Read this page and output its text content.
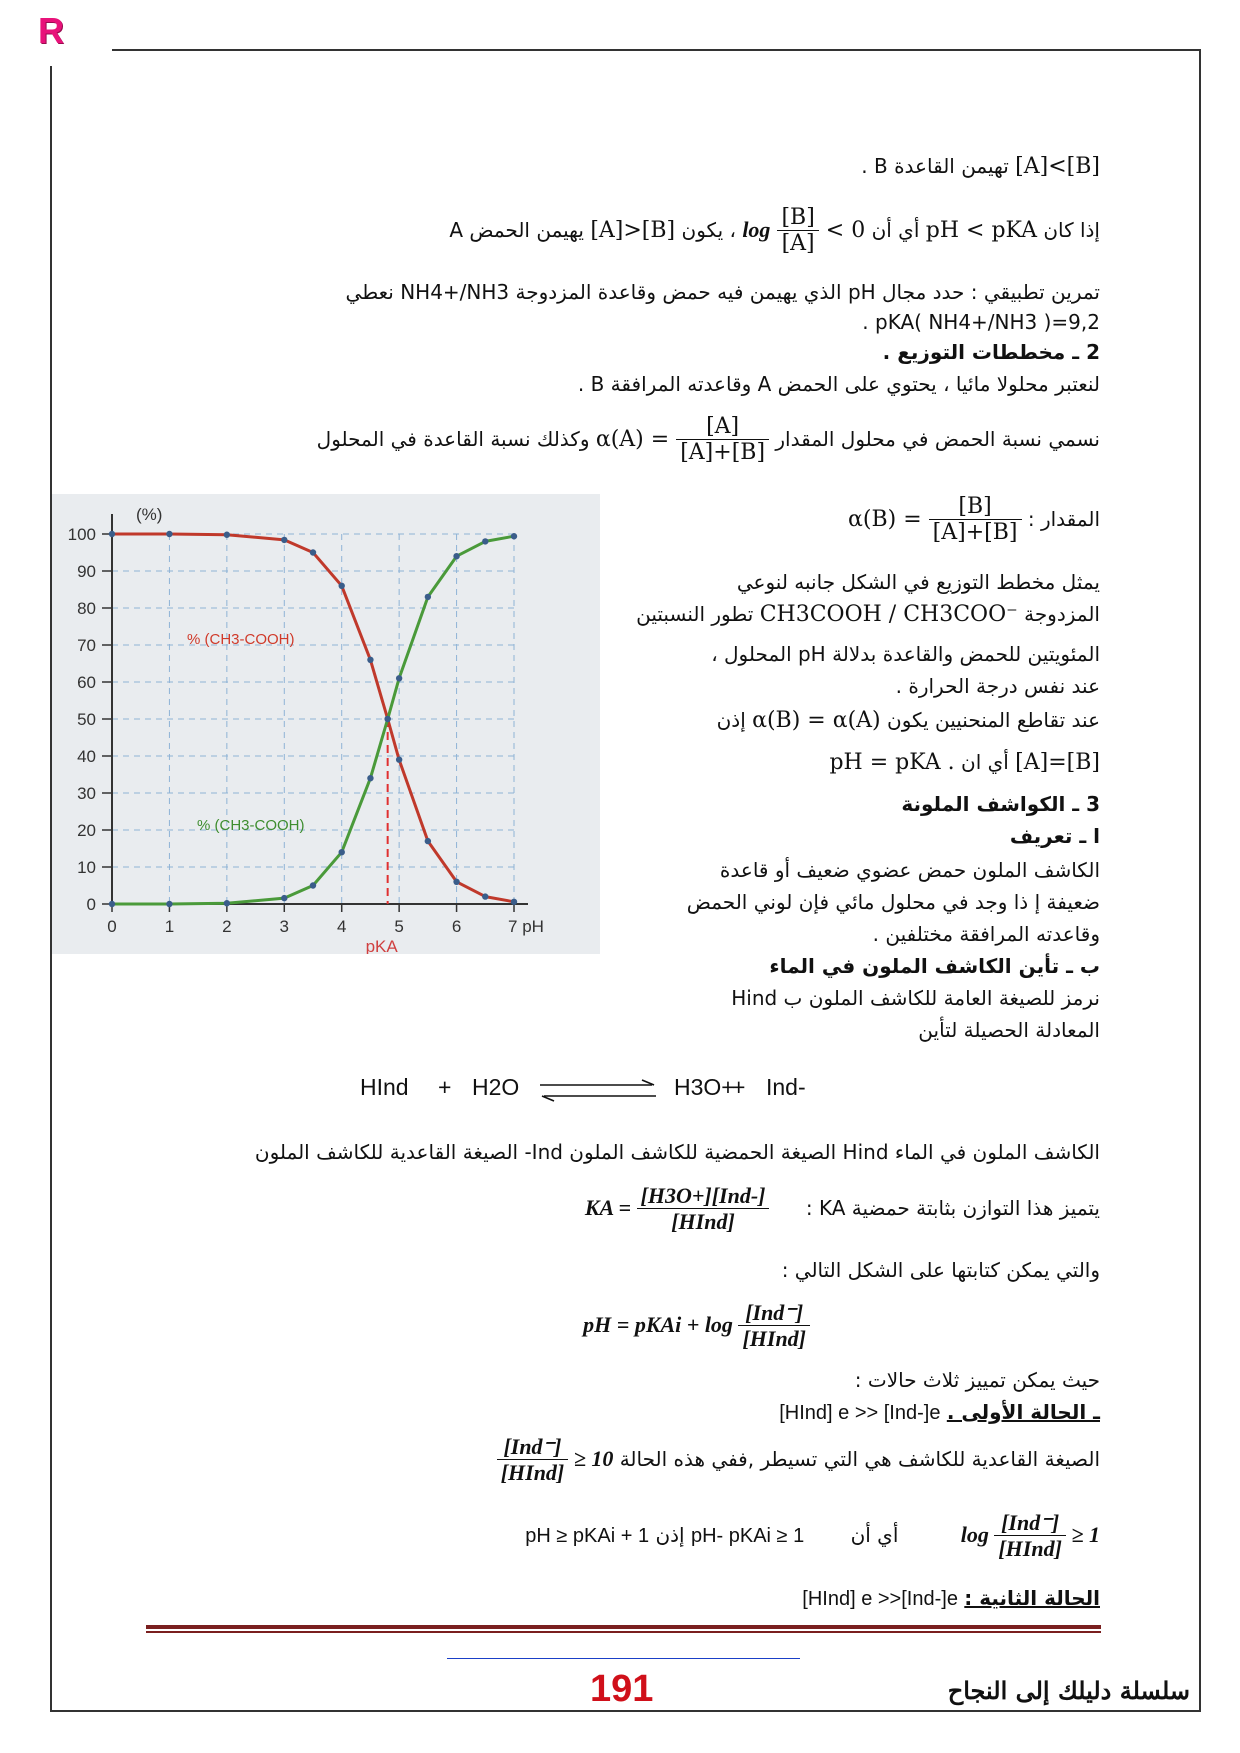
R
[A]<[B] تهيمن القاعدة B .
إذا كان pH < pKA أي أن $\log \frac{[B]}{[A]} < 0$ ، يكون [A]>[B] يهيمن الحمض A
تمرين تطبيقي : حدد مجال pH الذي يهيمن فيه حمض وقاعدة المزدوجة NH4+/NH3 نعطي
pKA( NH4+/NH3 )=9,2 .
2 ـ مخططات التوزيع .
لنعتبر محلولا مائيا ، يحتوي على الحمض A وقاعدته المرافقة B .
نسمي نسبة الحمض في محلول المقدار $\alpha(A) = \frac{[A]}{[A]+[B]}$
وكذلك نسبة القاعدة في المحلول
المقدار : $\alpha(B) = \frac{[B]}{[A]+[B]}$
يمثل مخطط التوزيع في الشكل جانبه لنوعي
المزدوجة CH3COOH / CH3COO⁻ تطور النسبتين
المئويتين للحمض والقاعدة بدلالة pH المحلول ،
عند نفس درجة الحرارة .
عند تقاطع المنحنيين يكون α(B) = α(A) إذن
[A]=[B] أي ان pH = pKA .
3 ـ الكواشف الملونة
ا ـ تعريف
الكاشف الملون حمض عضوي ضعيف أو قاعدة
ضعيفة إ ذا وجد في محلول مائي فإن لوني الحمض
وقاعدته المرافقة مختلفين .
ب ـ تأين الكاشف الملون في الماء
نرمز للصيغة العامة للكاشف الملون ب Hind
المعادلة الحصيلة لتأين
HInd + H2O	H3O+
+ Ind-
الكاشف الملون في الماء Hind الصيغة الحمضية للكاشف الملون Ind- الصيغة القاعدية للكاشف الملون
يتميز هذا التوازن بثابتة حمضية KA : KA = $\frac{\text{[H3O+][Ind-]}}{\text{[HInd]}}$
والتي يمكن كتابتها على الشكل التالي :
pH = pKAi + $\log \frac{\text{[Ind⁻]}}{\text{[HInd]}}$
حيث يمكن تمييز ثلاث حالات :
ـ الحالة الأولى . [HInd] e >> [Ind-]e
الصيغة القاعدية للكاشف هي التي تسيطر ,ففي هذه الحالة
$\frac{\text{[Ind⁻]}}{\text{[HInd]}} \ge 10$
$\log \frac{\text{[Ind⁻]}}{\text{[HInd]}} \ge 1$ أي أن pH- pKAi ≥ 1 إذن pH ≥ pKAi + 1
الحالة الثانية : [HInd] e >>[Ind-]e
0
10
20
30
40
50
60
70
80
90
100
0	1	2	3	4	5	6	7 pH
(%)
pKA
% (CH3-COOH)
% (CH3-COOH)
191	سلسلة دليلك إلى النجاح
